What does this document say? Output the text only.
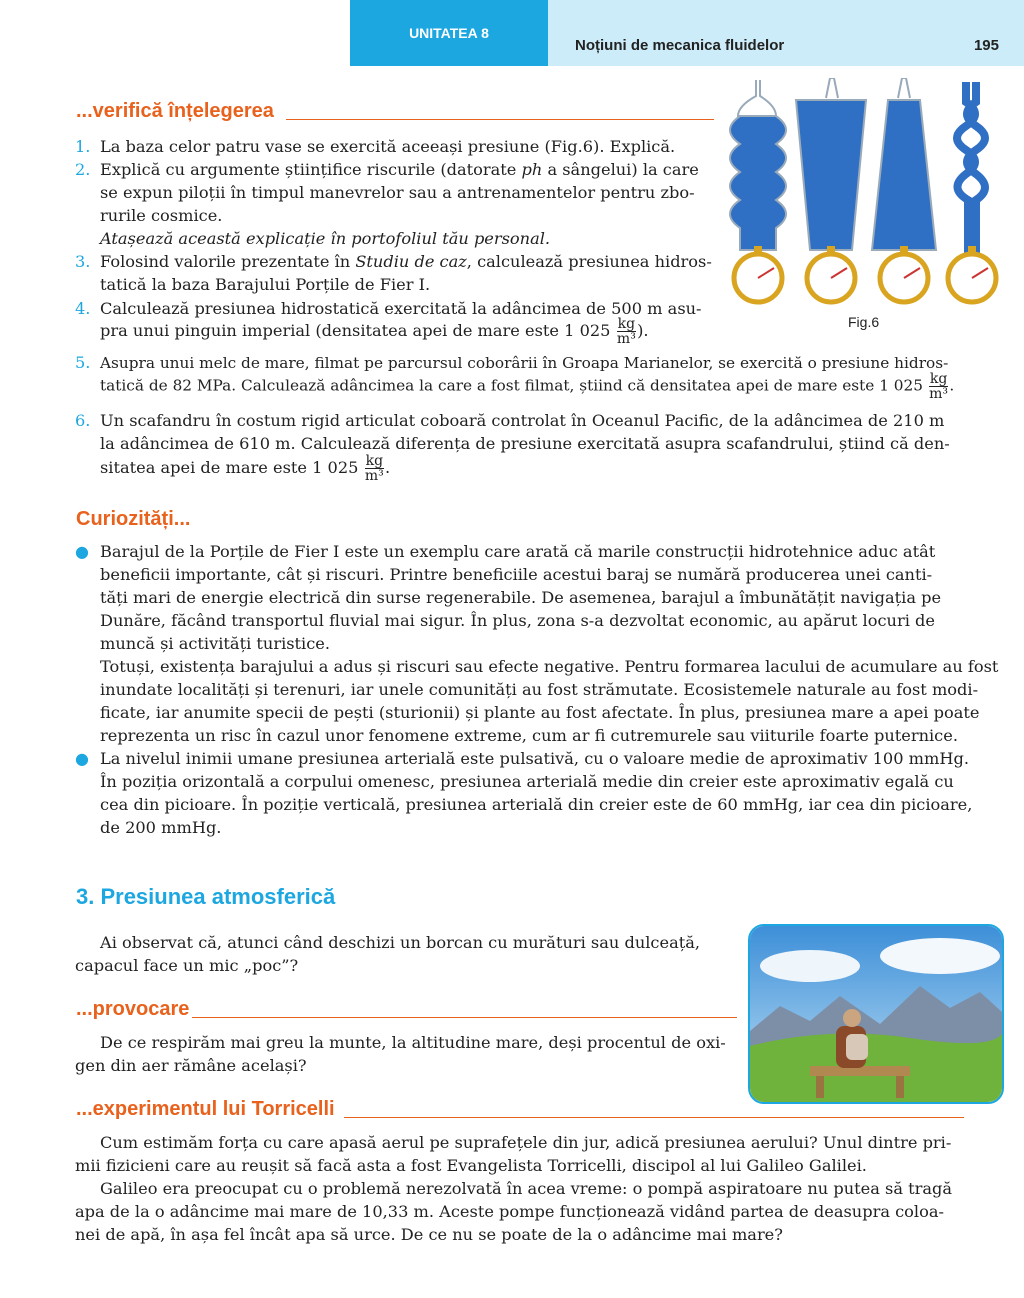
UNITATEA 8
Noțiuni de mecanica fluidelor	195
...verifică înțelegerea
1. La baza celor patru vase se exercită aceeași presiune (Fig.6). Explică.
2. Explică cu argumente științifice riscurile (datorate ph a sângelui) la care
se expun piloții în timpul manevrelor sau a antrenamentelor pentru zbo-
rurile cosmice.
Atașează această explicație în portofoliul tău personal.
3. Folosind valorile prezentate în Studiu de caz, calculează presiunea hidros-
tatică la baza Barajului Porțile de Fier I.
4. Calculează presiunea hidrostatică exercitată la adâncimea de 500 m asu-
pra unui pinguin imperial (densitatea apei de mare este 1 $025 \frac{kg}{\text{m³}}$ ).
5. Asupra unui melc de mare, filmat pe parcursul coborârii în Groapa Marianelor, se exercită o presiune hidros-
tatică de 82 MPa. Calculează adâncimea la care a fost filmat, știind că densitatea apei de mare este 1 $025 \frac{kg}{\text{m³}}$ .
6. Un scafandru în costum rigid articulat coboară controlat în Oceanul Pacific, de la adâncimea de 210 m
la adâncimea de 610 m. Calculează diferența de presiune exercitată asupra scafandrului, știind că den-
sitatea apei de mare este 1 $025 \frac{kg}{\text{m³}}$ .
Fig.6
Curiozități...
● Barajul de la Porțile de Fier I este un exemplu care arată că marile construcții hidrotehnice aduc atât
beneficii importante, cât și riscuri. Printre beneficiile acestui baraj se numără producerea unei canti-
tăți mari de energie electrică din surse regenerabile. De asemenea, barajul a îmbunătățit navigația pe
Dunăre, făcând transportul fluvial mai sigur. În plus, zona s-a dezvoltat economic, au apărut locuri de
muncă și activități turistice.
Totuși, existența barajului a adus și riscuri sau efecte negative. Pentru formarea lacului de acumulare au fost
inundate localități și terenuri, iar unele comunități au fost strămutate. Ecosistemele naturale au fost modi-
ficate, iar anumite specii de pești (sturionii) și plante au fost afectate. În plus, presiunea mare a apei poate
reprezenta un risc în cazul unor fenomene extreme, cum ar fi cutremurele sau viiturile foarte puternice.
● La nivelul inimii umane presiunea arterială este pulsativă, cu o valoare medie de aproximativ 100 mmHg.
În poziția orizontală a corpului omenesc, presiunea arterială medie din creier este aproximativ egală cu
cea din picioare. În poziție verticală, presiunea arterială din creier este de 60 mmHg, iar cea din picioare,
de 200 mmHg.
3. Presiunea atmosferică
Ai observat că, atunci când deschizi un borcan cu murături sau dulceață,
capacul face un mic „poc”?
...provocare
De ce respirăm mai greu la munte, la altitudine mare, deși procentul de oxi-
gen din aer rămâne același?
...experimentul lui Torricelli
Cum estimăm forța cu care apasă aerul pe suprafețele din jur, adică presiunea aerului? Unul dintre pri-
mii fizicieni care au reușit să facă asta a fost Evangelista Torricelli, discipol al lui Galileo Galilei.
Galileo era preocupat cu o problemă nerezolvată în acea vreme: o pompă aspiratoare nu putea să tragă
apa de la o adâncime mai mare de 10,33 m. Aceste pompe funcționează vidând partea de deasupra coloa-
nei de apă, în așa fel încât apa să urce. De ce nu se poate de la o adâncime mai mare?
